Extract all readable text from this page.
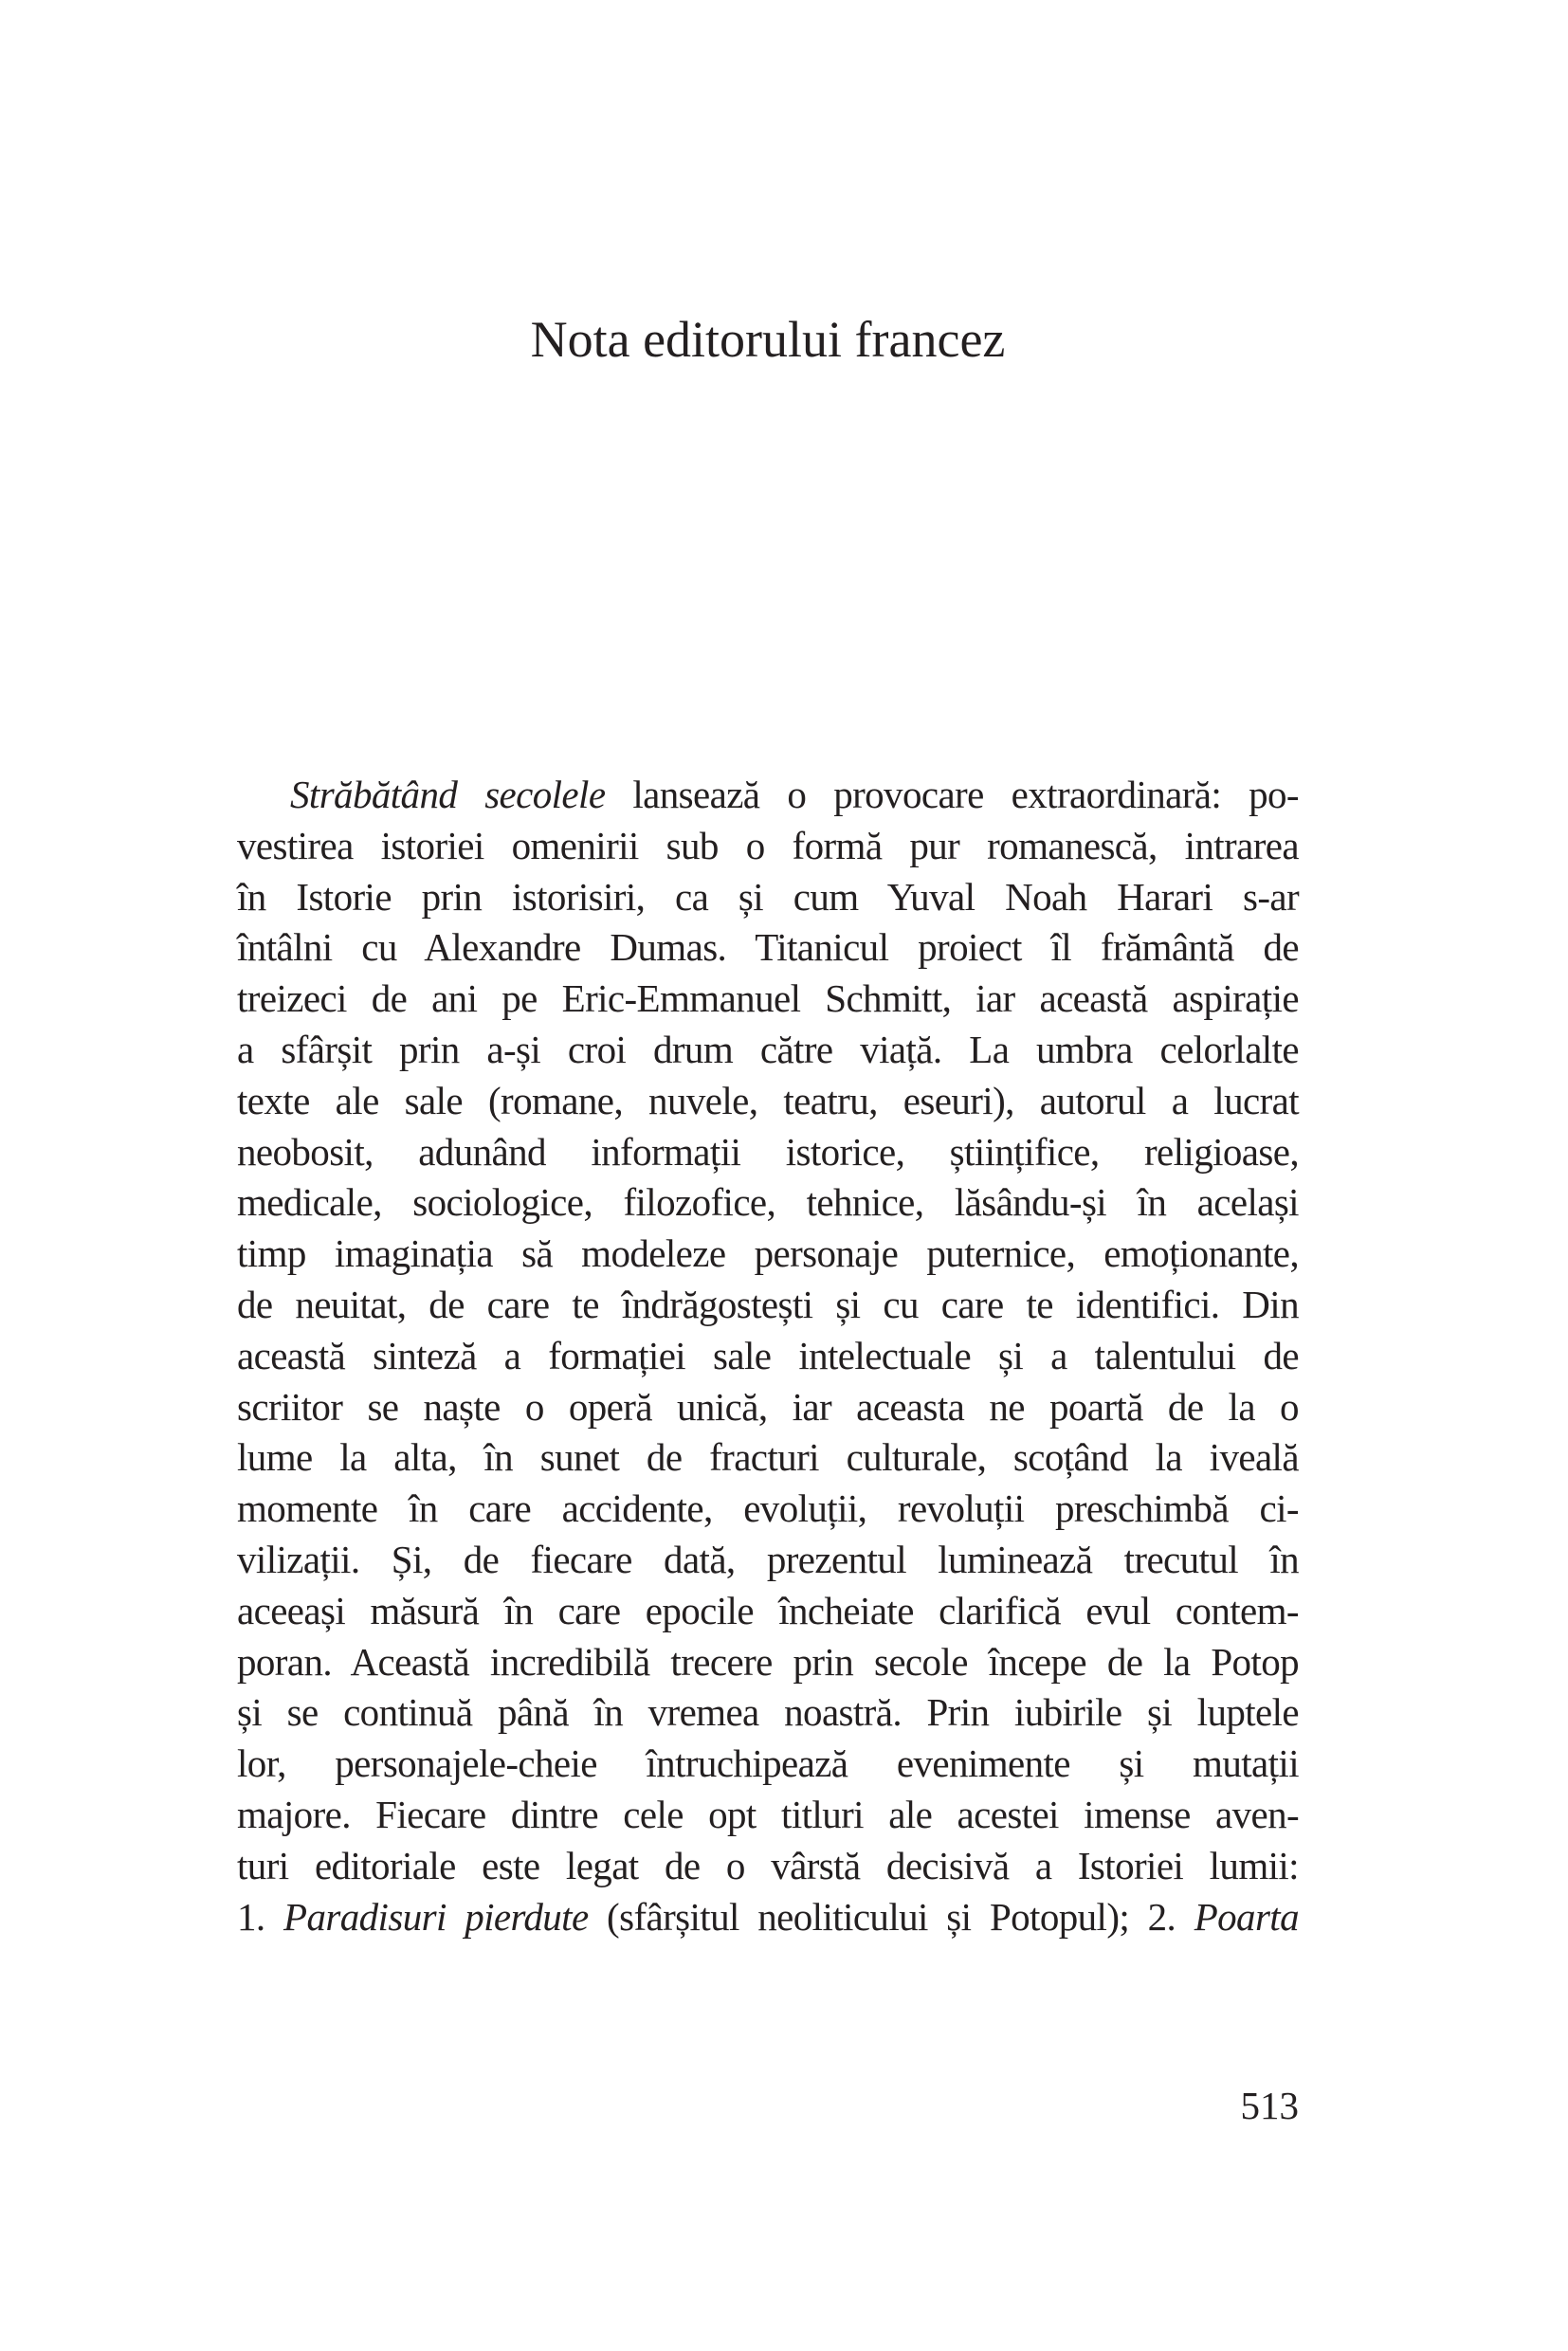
Nota editorului francez
Străbătând secolele lansează o provocare extraordinară: po-
vestirea istoriei omenirii sub o formă pur romanescă, intrarea
în Istorie prin istorisiri, ca și cum Yuval Noah Harari s-ar
întâlni cu Alexandre Dumas. Titanicul proiect îl frământă de
treizeci de ani pe Eric-Emmanuel Schmitt, iar această aspirație
a sfârșit prin a-și croi drum către viață. La umbra celorlalte
texte ale sale (romane, nuvele, teatru, eseuri), autorul a lucrat
neobosit, adunând informații istorice, științifice, religioase,
medicale, sociologice, filozofice, tehnice, lăsându-și în același
timp imaginația să modeleze personaje puternice, emoționante,
de neuitat, de care te îndrăgostești și cu care te identifici. Din
această sinteză a formației sale intelectuale și a talentului de
scriitor se naște o operă unică, iar aceasta ne poartă de la o
lume la alta, în sunet de fracturi culturale, scoțând la iveală
momente în care accidente, evoluții, revoluții preschimbă ci-
vilizații. Și, de fiecare dată, prezentul luminează trecutul în
aceeași măsură în care epocile încheiate clarifică evul contem-
poran. Această incredibilă trecere prin secole începe de la Potop
și se continuă până în vremea noastră. Prin iubirile și luptele
lor, personajele-cheie întruchipează evenimente și mutații
majore. Fiecare dintre cele opt titluri ale acestei imense aven-
turi editoriale este legat de o vârstă decisivă a Istoriei lumii:
1. Paradisuri pierdute (sfârșitul neoliticului și Potopul); 2. Poarta
513
